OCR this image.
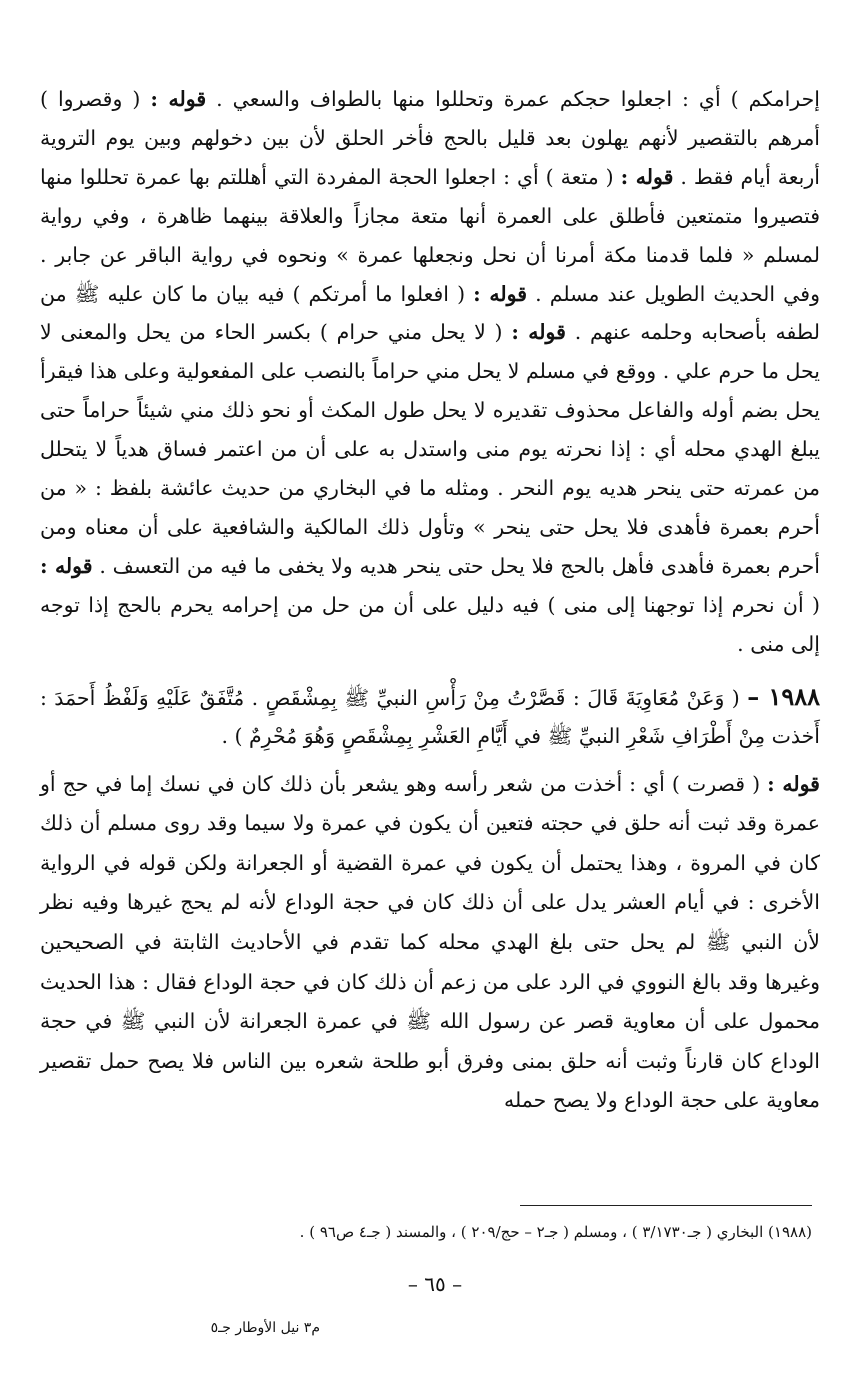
إحرامكم ) أي : اجعلوا حجكم عمرة وتحللوا منها بالطواف والسعي . قوله : ( وقصروا ) أمرهم بالتقصير لأنهم يهلون بعد قليل بالحج فأخر الحلق لأن بين دخولهم وبين يوم التروية أربعة أيام فقط . قوله : ( متعة ) أي : اجعلوا الحجة المفردة التي أهللتم بها عمرة تحللوا منها فتصيروا متمتعين فأطلق على العمرة أنها متعة مجازاً والعلاقة بينهما ظاهرة ، وفي رواية لمسلم « فلما قدمنا مكة أمرنا أن نحل ونجعلها عمرة » ونحوه في رواية الباقر عن جابر . وفي الحديث الطويل عند مسلم . قوله : ( افعلوا ما أمرتكم ) فيه بيان ما كان عليه ﷺ من لطفه بأصحابه وحلمه عنهم . قوله : ( لا يحل مني حرام ) بكسر الحاء من يحل والمعنى لا يحل ما حرم علي . ووقع في مسلم لا يحل مني حراماً بالنصب على المفعولية وعلى هذا فيقرأ يحل بضم أوله والفاعل محذوف تقديره لا يحل طول المكث أو نحو ذلك مني شيئاً حراماً حتى يبلغ الهدي محله أي : إذا نحرته يوم منى واستدل به على أن من اعتمر فساق هدياً لا يتحلل من عمرته حتى ينحر هديه يوم النحر . ومثله ما في البخاري من حديث عائشة بلفظ : « من أحرم بعمرة فأهدى فلا يحل حتى ينحر » وتأول ذلك المالكية والشافعية على أن معناه ومن أحرم بعمرة فأهدى فأهل بالحج فلا يحل حتى ينحر هديه ولا يخفى ما فيه من التعسف . قوله : ( أن نحرم إذا توجهنا إلى منى ) فيه دليل على أن من حل من إحرامه يحرم بالحج إذا توجه إلى منى .

١٩٨٨ – ( وَعَنْ مُعَاوِيَةَ قَالَ : قَصَّرْتُ مِنْ رَأْسِ النبيِّ ﷺ بِمِشْقَصٍ . مُتَّفَقٌ عَلَيْهِ وَلَفْظُ أَحمَدَ : أَخذت مِنْ أَطْرَافِ شَعْرِ النبيِّ ﷺ في أَيَّامِ العَشْرِ بِمِشْقَصٍ وَهُوَ مُحْرِمٌ ) .
قوله : ( قصرت ) أي : أخذت من شعر رأسه وهو يشعر بأن ذلك كان في نسك إما في حج أو عمرة وقد ثبت أنه حلق في حجته فتعين أن يكون في عمرة ولا سيما وقد روى مسلم أن ذلك كان في المروة ، وهذا يحتمل أن يكون في عمرة القضية أو الجعرانة ولكن قوله في الرواية الأخرى : في أيام العشر يدل على أن ذلك كان في حجة الوداع لأنه لم يحج غيرها وفيه نظر لأن النبي ﷺ لم يحل حتى بلغ الهدي محله كما تقدم في الأحاديث الثابتة في الصحيحين وغيرها وقد بالغ النووي في الرد على من زعم أن ذلك كان في حجة الوداع فقال : هذا الحديث محمول على أن معاوية قصر عن رسول الله ﷺ في عمرة الجعرانة لأن النبي ﷺ في حجة الوداع كان قارناً وثبت أنه حلق بمنى وفرق أبو طلحة شعره بين الناس فلا يصح حمل تقصير معاوية على حجة الوداع ولا يصح حمله
(١٩٨٨) البخاري ( جـ٣/١٧٣٠ ) ، ومسلم ( جـ٢ – حج/٢٠٩ ) ، والمسند ( جـ٤ ص٩٦ ) .
– ٦٥ –
م٣ نيل الأوطار جـ٥
